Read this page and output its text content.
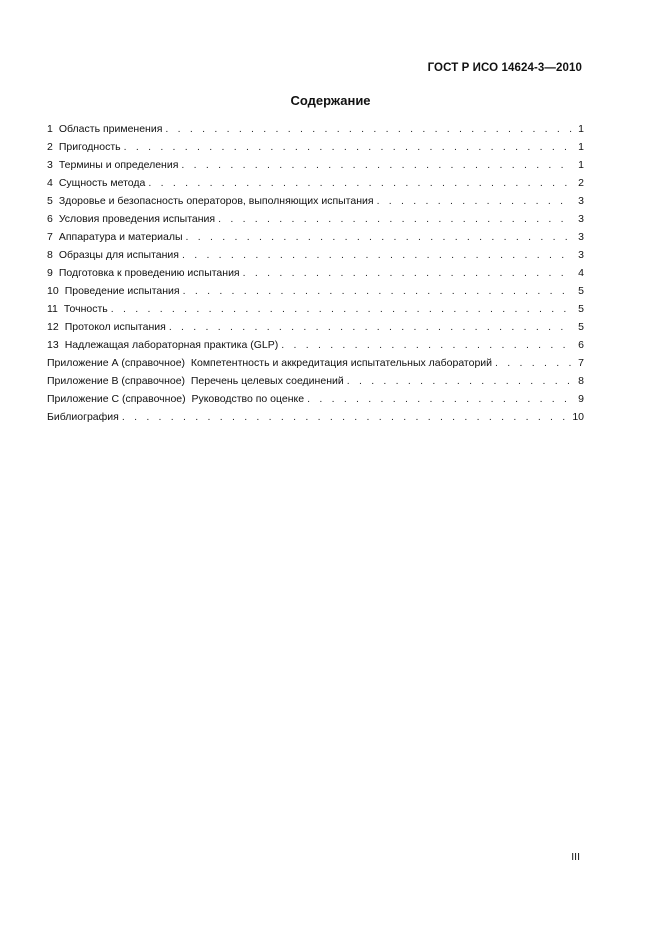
ГОСТ Р ИСО 14624-3—2010
Содержание
1 Область применения . . .	1
2 Пригодность . . .	1
3 Термины и определения . . .	1
4 Сущность метода . . .	2
5 Здоровье и безопасность операторов, выполняющих испытания . . .	3
6 Условия проведения испытания . . .	3
7 Аппаратура и материалы . . .	3
8 Образцы для испытания . . .	3
9 Подготовка к проведению испытания . . .	4
10 Проведение испытания . . .	5
11 Точность . . .	5
12 Протокол испытания . . .	5
13 Надлежащая лабораторная практика (GLP) . . .	6
Приложение А (справочное)  Компетентность и аккредитация испытательных лабораторий . . .	7
Приложение В (справочное)  Перечень целевых соединений . . .	8
Приложение С (справочное)  Руководство по оценке . . .	9
Библиография . . .	10
III
